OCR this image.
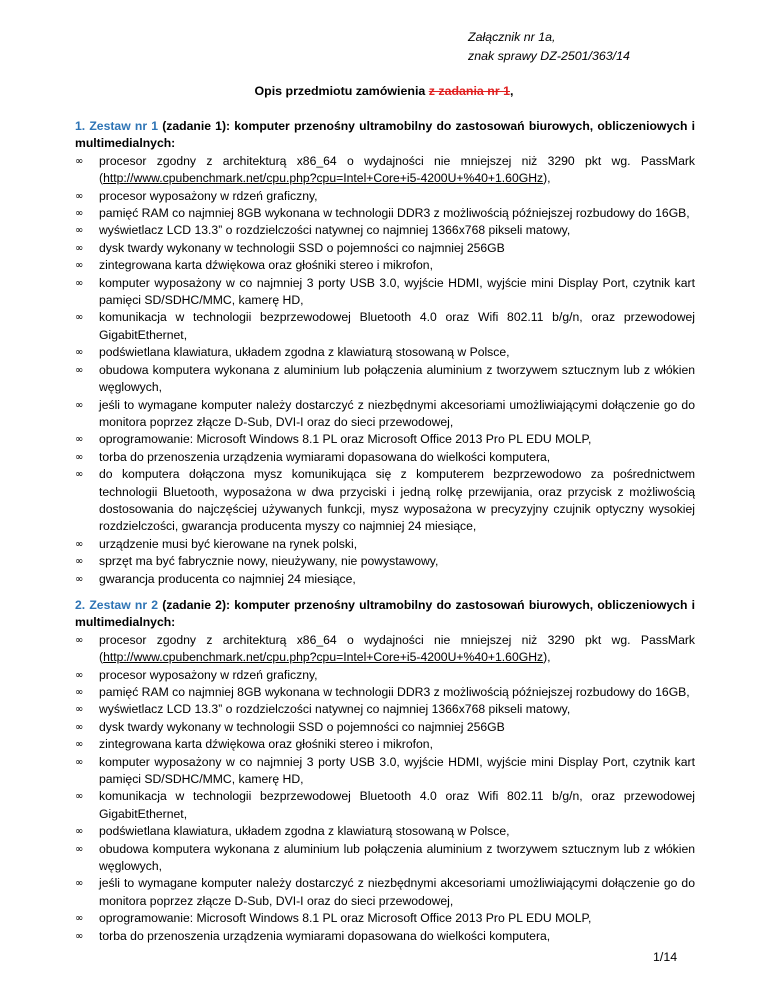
Załącznik nr 1a,
znak sprawy DZ-2501/363/14
Opis przedmiotu zamówienia z zadania nr 1,
1. Zestaw nr 1 (zadanie 1): komputer przenośny ultramobilny do zastosowań biurowych, obliczeniowych i multimedialnych:
∞ procesor zgodny z architekturą x86_64 o wydajności nie mniejszej niż 3290 pkt wg. PassMark (http://www.cpubenchmark.net/cpu.php?cpu=Intel+Core+i5-4200U+%40+1.60GHz),
∞ procesor wyposażony w rdzeń graficzny,
∞ pamięć RAM co najmniej 8GB wykonana w technologii DDR3 z możliwością późniejszej rozbudowy do 16GB,
∞ wyświetlacz LCD 13.3” o rozdzielczości natywnej co najmniej 1366x768 pikseli matowy,
∞ dysk twardy wykonany w technologii SSD o pojemności co najmniej 256GB
∞ zintegrowana karta dźwiękowa oraz głośniki stereo i mikrofon,
∞ komputer wyposażony w co najmniej 3 porty USB 3.0, wyjście HDMI, wyjście mini Display Port, czytnik kart pamięci SD/SDHC/MMC, kamerę HD,
∞ komunikacja w technologii bezprzewodowej Bluetooth 4.0 oraz Wifi 802.11 b/g/n, oraz przewodowej GigabitEthernet,
∞ podświetlana klawiatura, układem zgodna z klawiaturą stosowaną w Polsce,
∞ obudowa komputera wykonana z aluminium lub połączenia aluminium z tworzywem sztucznym lub z włókien węglowych,
∞ jeśli to wymagane komputer należy dostarczyć z niezbędnymi akcesoriami umożliwiającymi dołączenie go do monitora poprzez złącze D-Sub, DVI-I oraz do sieci przewodowej,
∞ oprogramowanie: Microsoft Windows 8.1 PL oraz Microsoft Office 2013 Pro PL EDU MOLP,
∞ torba do przenoszenia urządzenia wymiarami dopasowana do wielkości komputera,
∞ do komputera dołączona mysz komunikująca się z komputerem bezprzewodowo za pośrednictwem technologii Bluetooth, wyposażona w dwa przyciski i jedną rolkę przewijania, oraz przycisk z możliwością dostosowania do najczęściej używanych funkcji, mysz wyposażona w precyzyjny czujnik optyczny wysokiej rozdzielczości, gwarancja producenta myszy co najmniej 24 miesiące,
∞ urządzenie musi być kierowane na rynek polski,
∞ sprzęt ma być fabrycznie nowy, nieużywany, nie powystawowy,
∞ gwarancja producenta co najmniej 24 miesiące,
2. Zestaw nr 2 (zadanie 2): komputer przenośny ultramobilny do zastosowań biurowych, obliczeniowych i multimedialnych:
∞ procesor zgodny z architekturą x86_64 o wydajności nie mniejszej niż 3290 pkt wg. PassMark (http://www.cpubenchmark.net/cpu.php?cpu=Intel+Core+i5-4200U+%40+1.60GHz),
∞ procesor wyposażony w rdzeń graficzny,
∞ pamięć RAM co najmniej 8GB wykonana w technologii DDR3 z możliwością późniejszej rozbudowy do 16GB,
∞ wyświetlacz LCD 13.3” o rozdzielczości natywnej co najmniej 1366x768 pikseli matowy,
∞ dysk twardy wykonany w technologii SSD o pojemności co najmniej 256GB
∞ zintegrowana karta dźwiękowa oraz głośniki stereo i mikrofon,
∞ komputer wyposażony w co najmniej 3 porty USB 3.0, wyjście HDMI, wyjście mini Display Port, czytnik kart pamięci SD/SDHC/MMC, kamerę HD,
∞ komunikacja w technologii bezprzewodowej Bluetooth 4.0 oraz Wifi 802.11 b/g/n, oraz przewodowej GigabitEthernet,
∞ podświetlana klawiatura, układem zgodna z klawiaturą stosowaną w Polsce,
∞ obudowa komputera wykonana z aluminium lub połączenia aluminium z tworzywem sztucznym lub z włókien węglowych,
∞ jeśli to wymagane komputer należy dostarczyć z niezbędnymi akcesoriami umożliwiającymi dołączenie go do monitora poprzez złącze D-Sub, DVI-I oraz do sieci przewodowej,
∞ oprogramowanie: Microsoft Windows 8.1 PL oraz Microsoft Office 2013 Pro PL EDU MOLP,
∞ torba do przenoszenia urządzenia wymiarami dopasowana do wielkości komputera,
1/14
